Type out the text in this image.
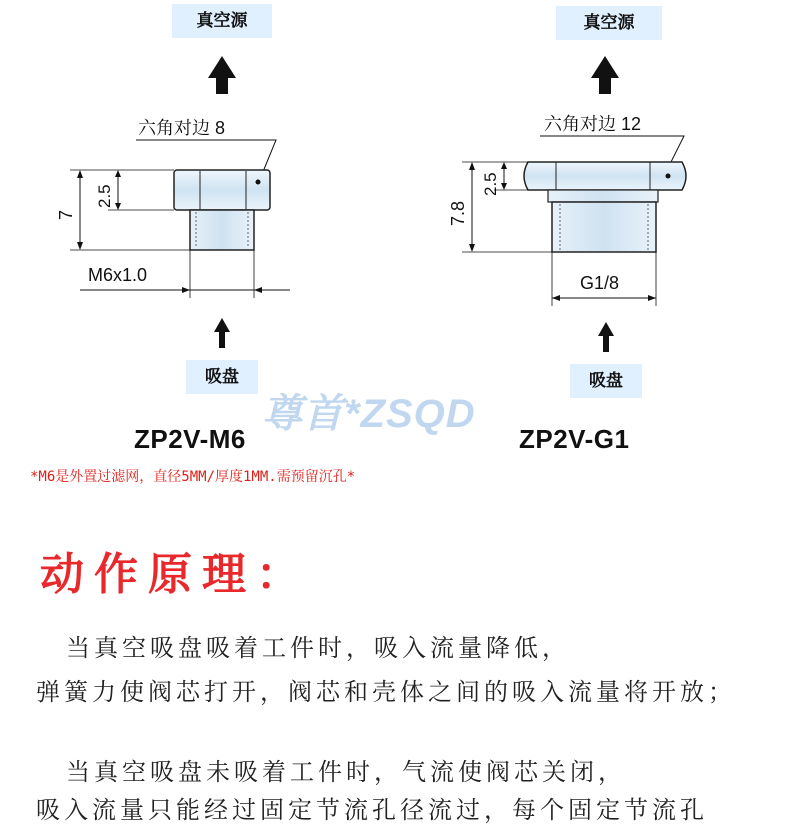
真空源
吸盘
ZP2V-M6
真空源
吸盘
ZP2V-G1
六角对边 8
7
2.5
M6x1.0
六角对边 12
7.8
2.5
G1/8
尊首*ZSQD
*M6是外置过滤网，直径5MM/厚度1MM.需预留沉孔*
动作原理：
当真空吸盘吸着工件时，吸入流量降低，
弹簧力使阀芯打开，阀芯和壳体之间的吸入流量将开放；
当真空吸盘未吸着工件时，气流使阀芯关闭，
吸入流量只能经过固定节流孔径流过，每个固定节流孔
